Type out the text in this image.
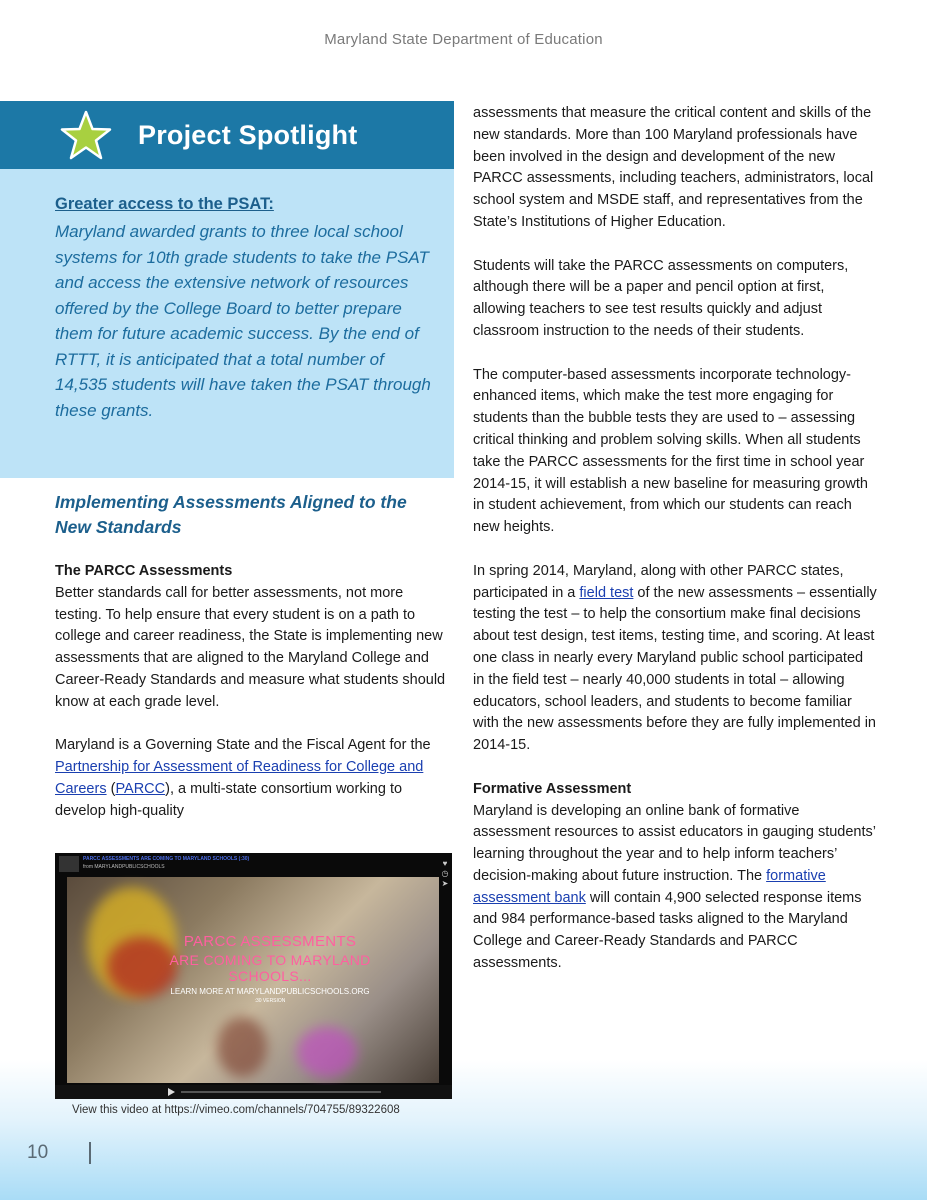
Maryland State Department of Education
Project Spotlight
Greater access to the PSAT:
Maryland awarded grants to three local school systems for 10th grade students to take the PSAT and access the extensive network of resources offered by the College Board to better prepare them for future academic success. By the end of RTTT, it is anticipated that a total number of 14,535 students will have taken the PSAT through these grants.
Implementing Assessments Aligned to the New Standards

The PARCC Assessments
Better standards call for better assessments, not more testing. To help ensure that every student is on a path to college and career readiness, the State is implementing new assessments that are aligned to the Maryland College and Career-Ready Standards and measure what students should know at each grade level.

Maryland is a Governing State and the Fiscal Agent for the Partnership for Assessment of Readiness for College and Careers (PARCC), a multi-state consortium working to develop high-quality

PARCC ASSESSMENTS ARE COMING TO MARYLAND SCHOOLS (:30)
from MARYLANDPUBLICSCHOOLS
PARCC ASSESSMENTS
ARE COMING TO MARYLAND SCHOOLS...
LEARN MORE AT MARYLANDPUBLICSCHOOLS.ORG
:30 VERSION
♥
◷
➤
View this video at https://vimeo.com/channels/704755/89322608

assessments that measure the critical content and skills of the new standards. More than 100 Maryland professionals have been involved in the design and development of the new PARCC assessments, including teachers, administrators, local school system and MSDE staff, and representatives from the State’s Institutions of Higher Education.

Students will take the PARCC assessments on computers, although there will be a paper and pencil option at first, allowing teachers to see test results quickly and adjust classroom instruction to the needs of their students.

The computer-based assessments incorporate technology-enhanced items, which make the test more engaging for students than the bubble tests they are used to – assessing critical thinking and problem solving skills. When all students take the PARCC assessments for the first time in school year 2014-15, it will establish a new baseline for measuring growth in student achievement, from which our students can reach new heights.

In spring 2014, Maryland, along with other PARCC states, participated in a field test of the new assessments – essentially testing the test – to help the consortium make final decisions about test design, test items, testing time, and scoring. At least one class in nearly every Maryland public school participated in the field test – nearly 40,000 students in total – allowing educators, school leaders, and students to become familiar with the new assessments before they are fully implemented in 2014-15.

Formative Assessment
Maryland is developing an online bank of formative assessment resources to assist educators in gauging students’ learning throughout the year and to help inform teachers’ decision-making about future instruction. The formative assessment bank will contain 4,900 selected response items and 984 performance-based tasks aligned to the Maryland College and Career-Ready Standards and PARCC assessments.

10
